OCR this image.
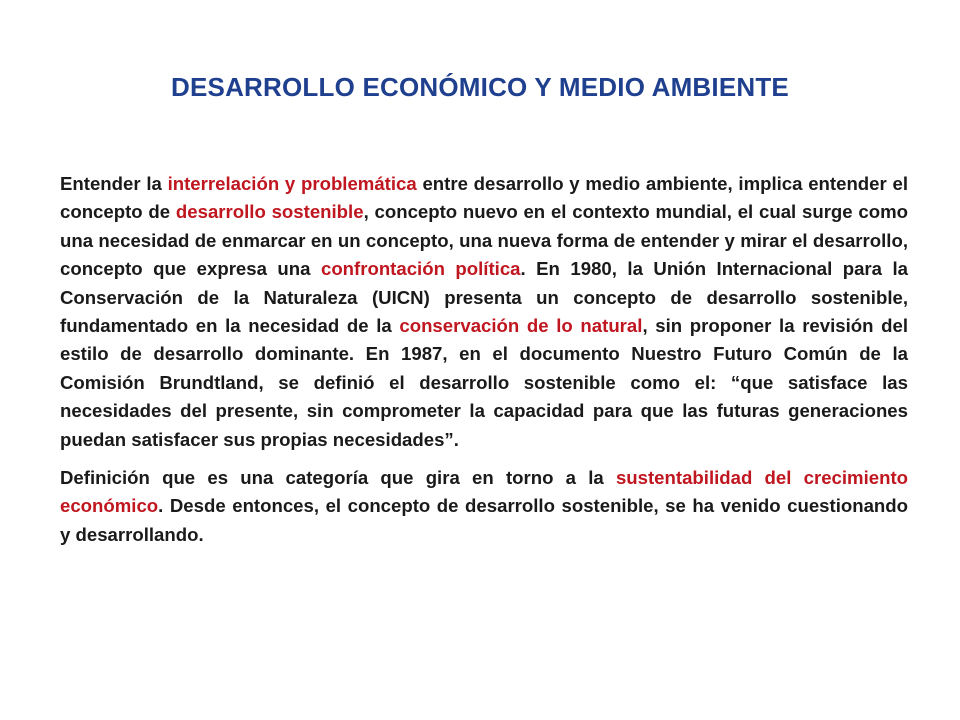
DESARROLLO ECONÓMICO Y MEDIO AMBIENTE

Entender la interrelación y problemática entre desarrollo y medio ambiente, implica entender el concepto de desarrollo sostenible, concepto nuevo en el contexto mundial, el cual surge como una necesidad de enmarcar en un concepto, una nueva forma de entender y mirar el desarrollo, concepto que expresa una confrontación política. En 1980, la Unión Internacional para la Conservación de la Naturaleza (UICN) presenta un concepto de desarrollo sostenible, fundamentado en la necesidad de la conservación de lo natural, sin proponer la revisión del estilo de desarrollo dominante. En 1987, en el documento Nuestro Futuro Común de la Comisión Brundtland, se definió el desarrollo sostenible como el: “que satisface las necesidades del presente, sin comprometer la capacidad para que las futuras generaciones puedan satisfacer sus propias necesidades”.

Definición que es una categoría que gira en torno a la sustentabilidad del crecimiento económico. Desde entonces, el concepto de desarrollo sostenible, se ha venido cuestionando y desarrollando.
